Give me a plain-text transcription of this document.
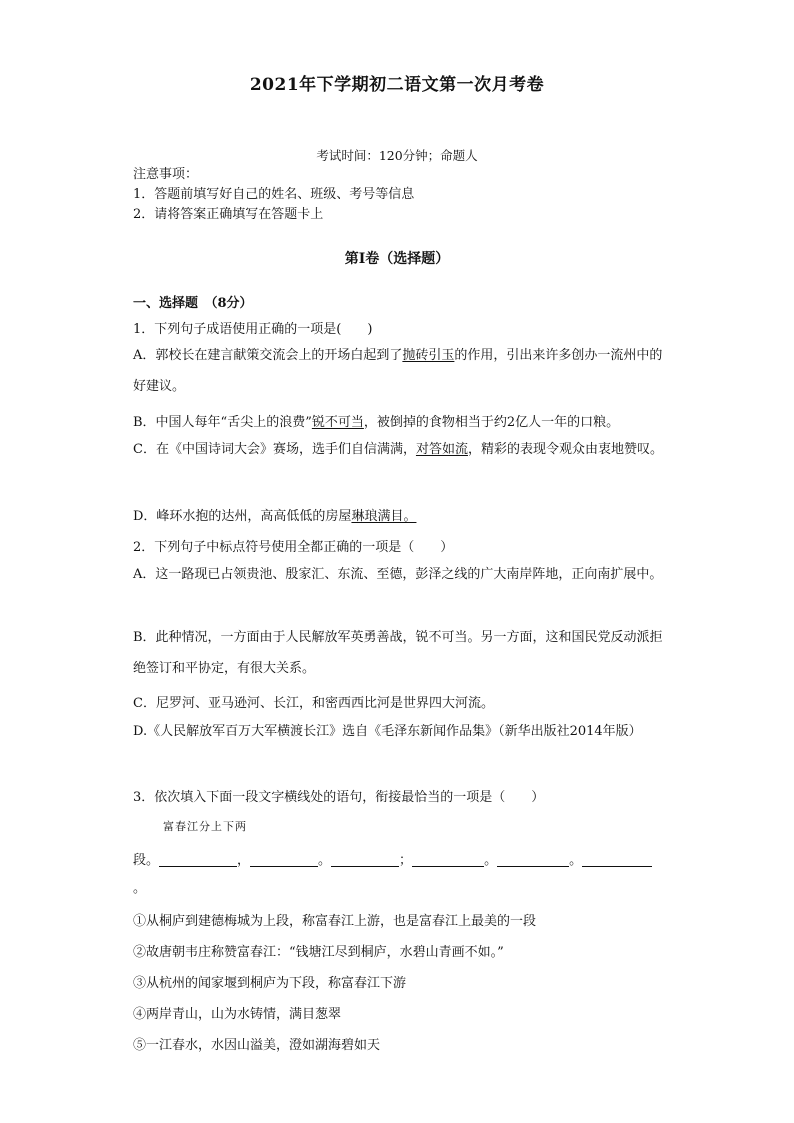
2021年下学期初二语文第一次月考卷
考试时间：120分钟；命题人
注意事项：
1．答题前填写好自己的姓名、班级、考号等信息
2．请将答案正确填写在答题卡上
第I卷（选择题）
一、选择题　（8分）
1．下列句子成语使用正确的一项是(　　)
A．郭校长在建言献策交流会上的开场白起到了抛砖引玉的作用，引出来许多创办一流州中的好建议。
B．中国人每年“舌尖上的浪费”锐不可当，被倒掉的食物相当于约2亿人一年的口粮。
C．在《中国诗词大会》赛场，选手们自信满满，对答如流，精彩的表现令观众由衷地赞叹。
D．峰环水抱的达州，高高低低的房屋琳琅满目。
2．下列句子中标点符号使用全都正确的一项是（　　）
A．这一路现已占领贵池、殷家汇、东流、至德，彭泽之线的广大南岸阵地，正向南扩展中。
B．此种情况，一方面由于人民解放军英勇善战，锐不可当。另一方面，这和国民党反动派拒绝签订和平协定，有很大关系。
C．尼罗河、亚马逊河、长江，和密西西比河是世界四大河流。
D.《人民解放军百万大军横渡长江》选自《毛泽东新闻作品集》（新华出版社2014年版）
3．依次填入下面一段文字横线处的语句，衔接最恰当的一项是（　　）
富春江分上下两
段。	，	。	；	。	。
。
①从桐庐到建德梅城为上段，称富春江上游，也是富春江上最美的一段
②故唐朝韦庄称赞富春江：“钱塘江尽到桐庐，水碧山青画不如。”
③从杭州的闻家堰到桐庐为下段，称富春江下游
④两岸青山，山为水铸情，满目葱翠
⑤一江春水，水因山溢美，澄如湖海碧如天
